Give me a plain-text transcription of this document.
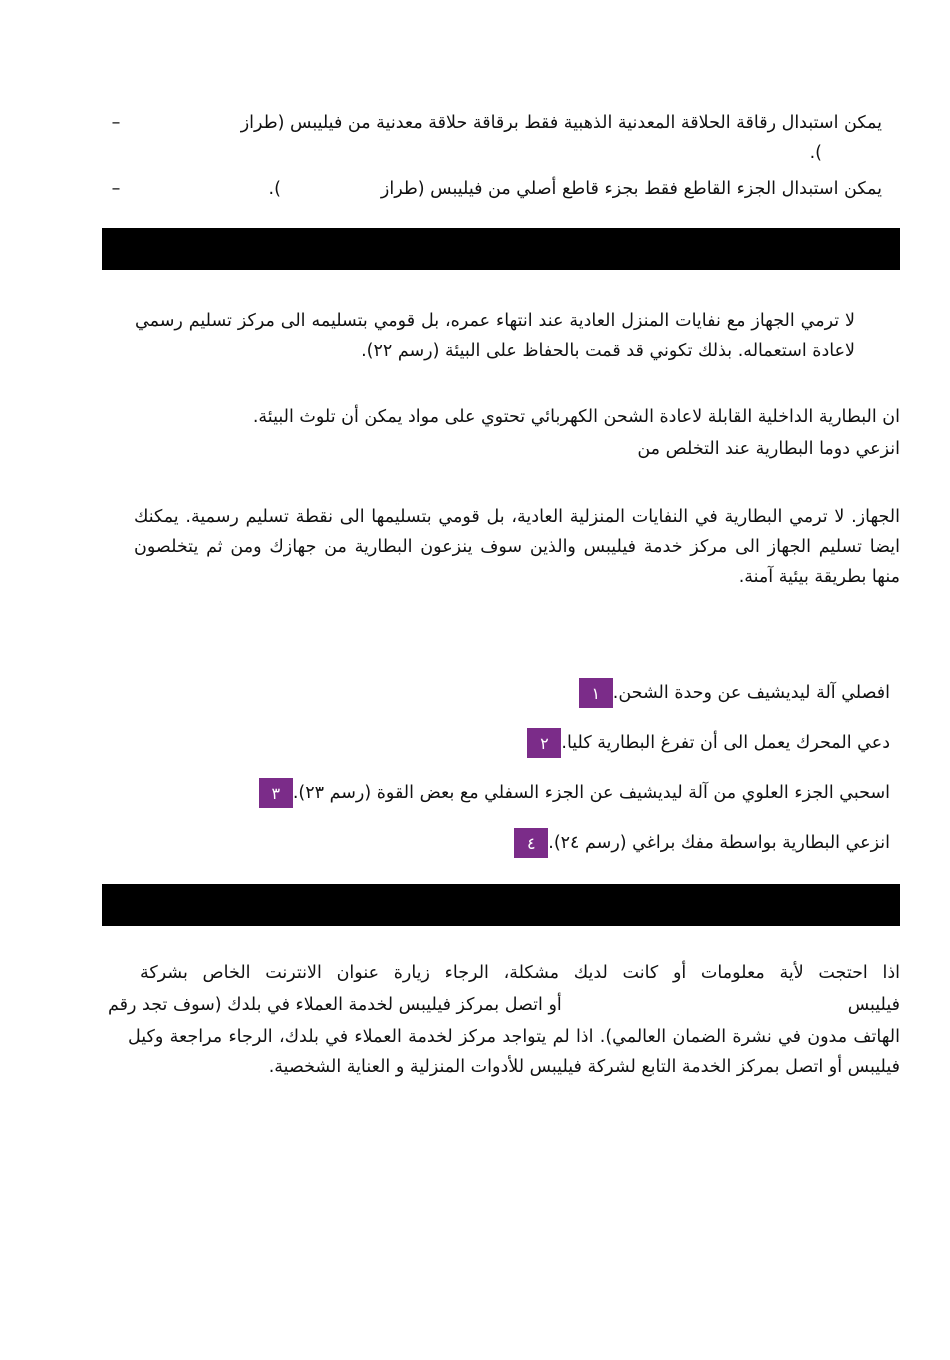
–	يمكن استبدال رقاقة الحلاقة المعدنية الذهبية فقط برقاقة حلاقة معدنية من فيليبس (طراز
).
–	يمكن استبدال الجزء القاطع فقط بجزء قاطع أصلي من فيليبس (طراز
).
لا ترمي الجهاز مع نفايات المنزل العادية عند انتهاء عمره، بل قومي بتسليمه الى مركز تسليم رسمي لاعادة استعماله. بذلك تكوني قد قمت بالحفاظ على البيئة (رسم ٢٢).
ان البطارية الداخلية القابلة لاعادة الشحن الكهربائي تحتوي على مواد يمكن أن تلوث البيئة.
انزعي دوما البطارية عند التخلص من
الجهاز. لا ترمي البطارية في النفايات المنزلية العادية، بل قومي بتسليمها الى نقطة تسليم رسمية. يمكنك ايضا تسليم الجهاز الى مركز خدمة فيليبس والذين سوف ينزعون البطارية من جهازك ومن ثم يتخلصون منها بطريقة بيئية آمنة.
١ افصلي آلة ليديشيف عن وحدة الشحن.
٢ دعي المحرك يعمل الى أن تفرغ البطارية كليا.
٣ اسحبي الجزء العلوي من آلة ليديشيف عن الجزء السفلي مع بعض القوة (رسم ٢٣).
٤ انزعي البطارية بواسطة مفك براغي (رسم ٢٤).
اذا احتجت لأية معلومات أو كانت لديك مشكلة، الرجاء زيارة عنوان الانترنت الخاص بشركة
فيليبس
أو اتصل بمركز فيليبس لخدمة العملاء في بلدك (سوف تجد رقم
الهاتف مدون في نشرة الضمان العالمي). اذا لم يتواجد مركز لخدمة العملاء في بلدك، الرجاء مراجعة وكيل فيليبس أو اتصل بمركز الخدمة التابع لشركة فيليبس للأدوات المنزلية و العناية الشخصية.
